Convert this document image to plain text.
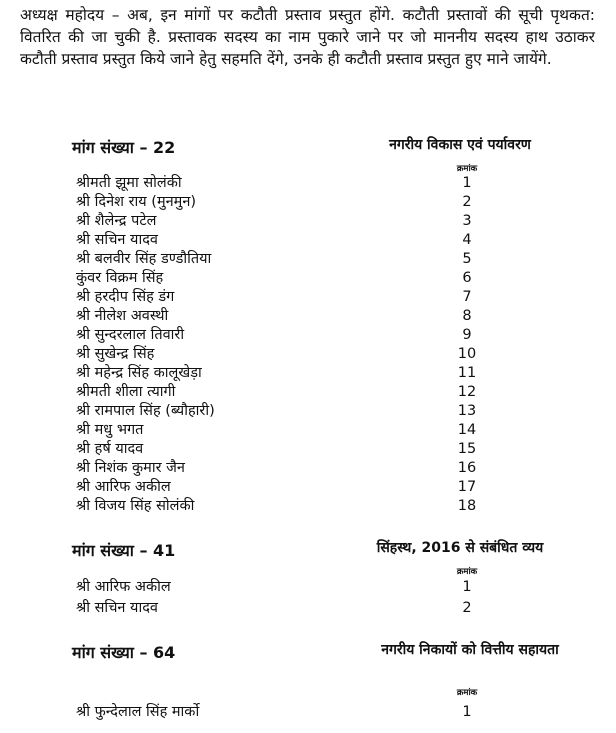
अध्यक्ष महोदय – अब, इन मांगों पर कटौती प्रस्ताव प्रस्तुत होंगे. कटौती प्रस्तावों की सूची पृथकत: वितरित की जा चुकी है. प्रस्तावक सदस्य का नाम पुकारे जाने पर जो माननीय सदस्य हाथ उठाकर कटौती प्रस्ताव प्रस्तुत किये जाने हेतु सहमति देंगे, उनके ही कटौती प्रस्ताव प्रस्तुत हुए माने जायेंगे.

मांग संख्या – 22	नगरीय विकास एवं पर्यावरण
क्रमांक
श्रीमती झूमा सोलंकी	1
श्री दिनेश राय (मुनमुन)	2
श्री शैलेन्द्र पटेल	3
श्री सचिन यादव	4
श्री बलवीर सिंह डण्डौतिया	5
कुंवर विक्रम सिंह	6
श्री हरदीप सिंह डंग	7
श्री नीलेश अवस्थी	8
श्री सुन्दरलाल तिवारी	9
श्री सुखेन्द्र सिंह	10
श्री महेन्द्र सिंह कालूखेड़ा	11
श्रीमती शीला त्यागी	12
श्री रामपाल सिंह (ब्यौहारी)	13
श्री मधु भगत	14
श्री हर्ष यादव	15
श्री निशंक कुमार जैन	16
श्री आरिफ अकील	17
श्री विजय सिंह सोलंकी	18
मांग संख्या – 41	सिंहस्थ, 2016 से संबंधित व्यय
क्रमांक
श्री आरिफ अकील	1
श्री सचिन यादव	2
मांग संख्या – 64	नगरीय निकायों को वित्तीय सहायता
क्रमांक
श्री फुन्देलाल सिंह मार्को	1
